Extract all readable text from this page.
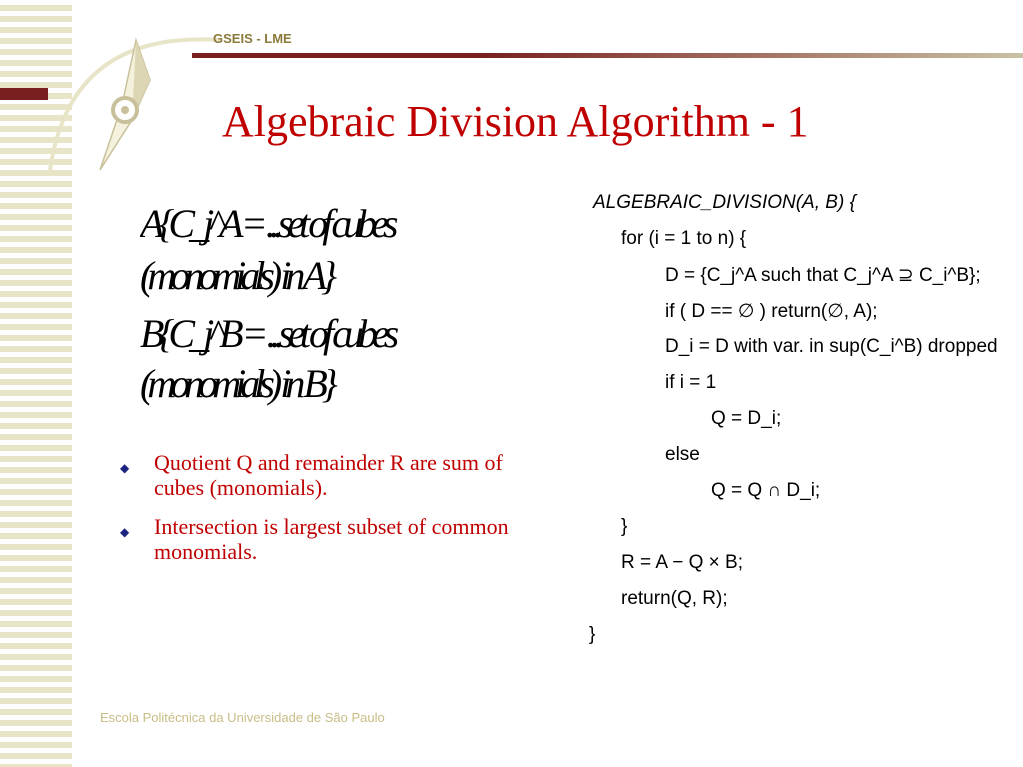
GSEIS - LME
Algebraic Division Algorithm - 1
A{C_j^A = ...set of cubes
(monomials) in A}
B{C_j^B = ...set of cubes
(monomials) in B}
◆ Quotient Q and remainder R are sum of cubes (monomials).
◆ Intersection is largest subset of common monomials.
ALGEBRAIC_DIVISION(A, B) {
for (i = 1 to n) {
D = {C_j^A such that C_j^A ⊇ C_i^B};
if ( D == ∅ ) return(∅, A);
D_i = D with var. in sup(C_i^B) dropped
if i = 1
Q = D_i;
else
Q = Q ∩ D_i;
}
R = A − Q × B;
return(Q, R);
}
Escola Politécnica da Universidade de São Paulo
